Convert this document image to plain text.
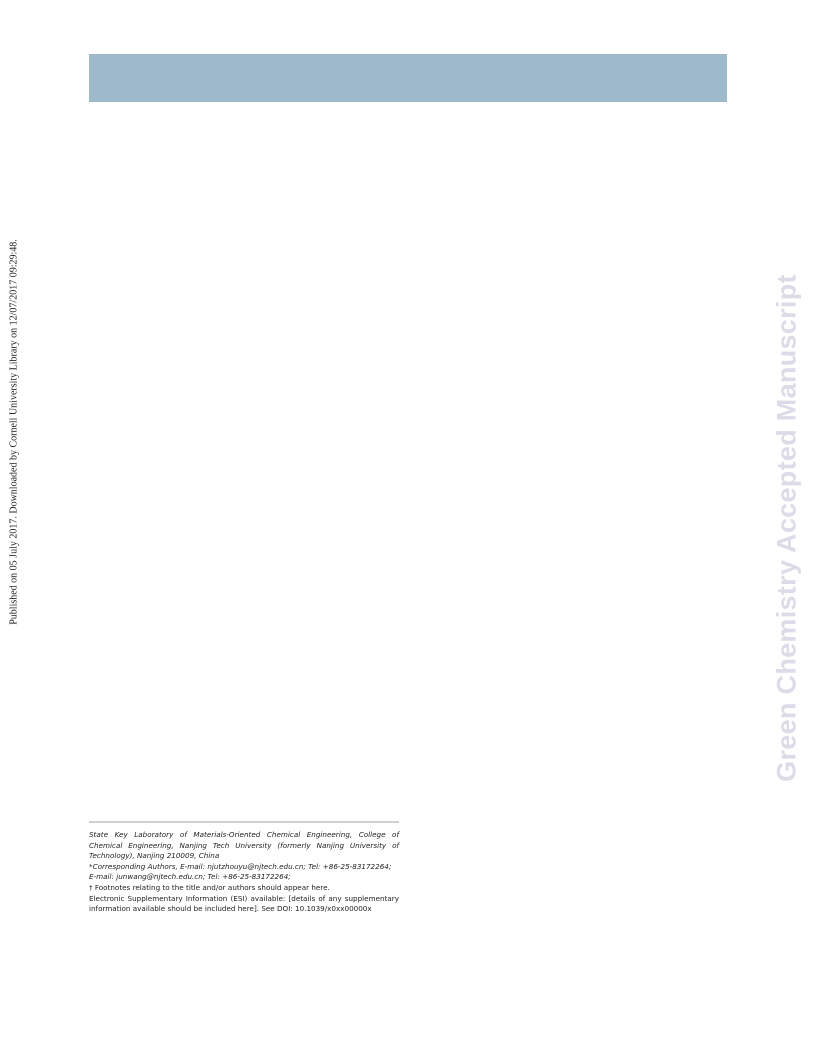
Published on 05 July 2017. Downloaded by Cornell University Library on 12/07/2017 09:29:48.	Green Chemistry Accepted Manuscript

State Key Laboratory of Materials-Oriented Chemical Engineering, College of Chemical Engineering, Nanjing Tech University (formerly Nanjing University of Technology), Nanjing 210009, China

*Corresponding Authors, E-mail: njutzhouyu@njtech.edu.cn; Tel: +86-25-83172264;

E-mail: junwang@njtech.edu.cn; Tel: +86-25-83172264;

† Footnotes relating to the title and/or authors should appear here.

Electronic Supplementary Information (ESI) available: [details of any supplementary information available should be included here]. See DOI: 10.1039/x0xx00000x
